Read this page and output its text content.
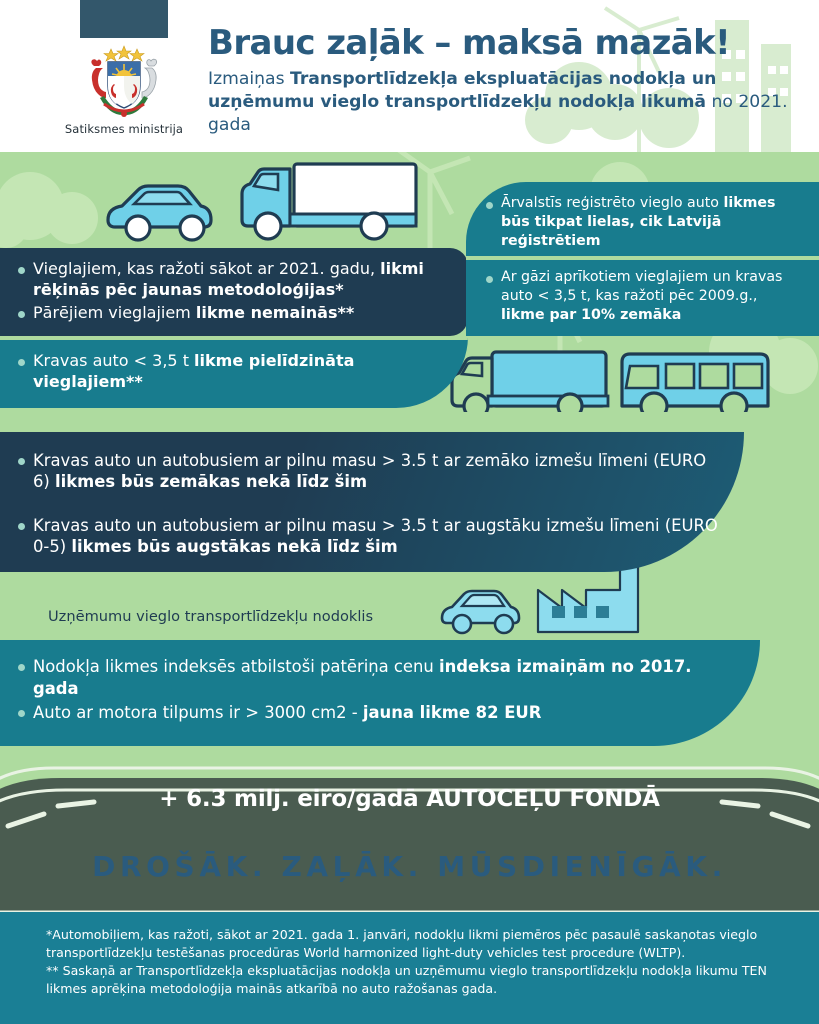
Satiksmes ministrija
Brauc zaļāk – maksā mazāk!
Izmaiņas Transportlīdzekļa ekspluatācijas nodokļa un uzņēmumu vieglo transportlīdzekļu nodokļa likumā no 2021. gada
Vieglajiem, kas ražoti sākot ar 2021. gadu, likmi rēķinās pēc jaunas metodoloģijas*
Pārējiem vieglajiem likme nemainās**
Kravas auto < 3,5 t likme pielīdzināta vieglajiem**
Ārvalstīs reģistrēto vieglo auto likmes būs tikpat lielas, cik Latvijā reģistrētiem
Ar gāzi aprīkotiem vieglajiem un kravas auto < 3,5 t, kas ražoti pēc 2009.g., likme par 10% zemāka
Kravas auto un autobusiem ar pilnu masu > 3.5 t ar zemāko izmešu līmeni (EURO 6) likmes būs zemākas nekā līdz šim
Kravas auto un autobusiem ar pilnu masu > 3.5 t ar augstāku izmešu līmeni (EURO 0-5) likmes būs augstākas nekā līdz šim
Uzņēmumu vieglo transportlīdzekļu nodoklis
Nodokļa likmes indeksēs atbilstoši patēriņa cenu indeksa izmaiņām no 2017. gada
Auto ar motora tilpums ir > 3000 cm2 - jauna likme 82 EUR
+ 6.3 milj. eiro/gadā AUTOCEĻU FONDĀ
DROŠĀK. ZAĻĀK. MŪSDIENĪGĀK.

*Automobiļiem, kas ražoti, sākot ar 2021. gada 1. janvāri, nodokļu likmi piemēros pēc pasaulē saskaņotas vieglo transportlīdzekļu testēšanas procedūras World harmonized light-duty vehicles test procedure (WLTP).

** Saskaņā ar Transportlīdzekļa ekspluatācijas nodokļa un uzņēmumu vieglo transportlīdzekļu nodokļa likumu TEN likmes aprēķina metodoloģija mainās atkarībā no auto ražošanas gada.
